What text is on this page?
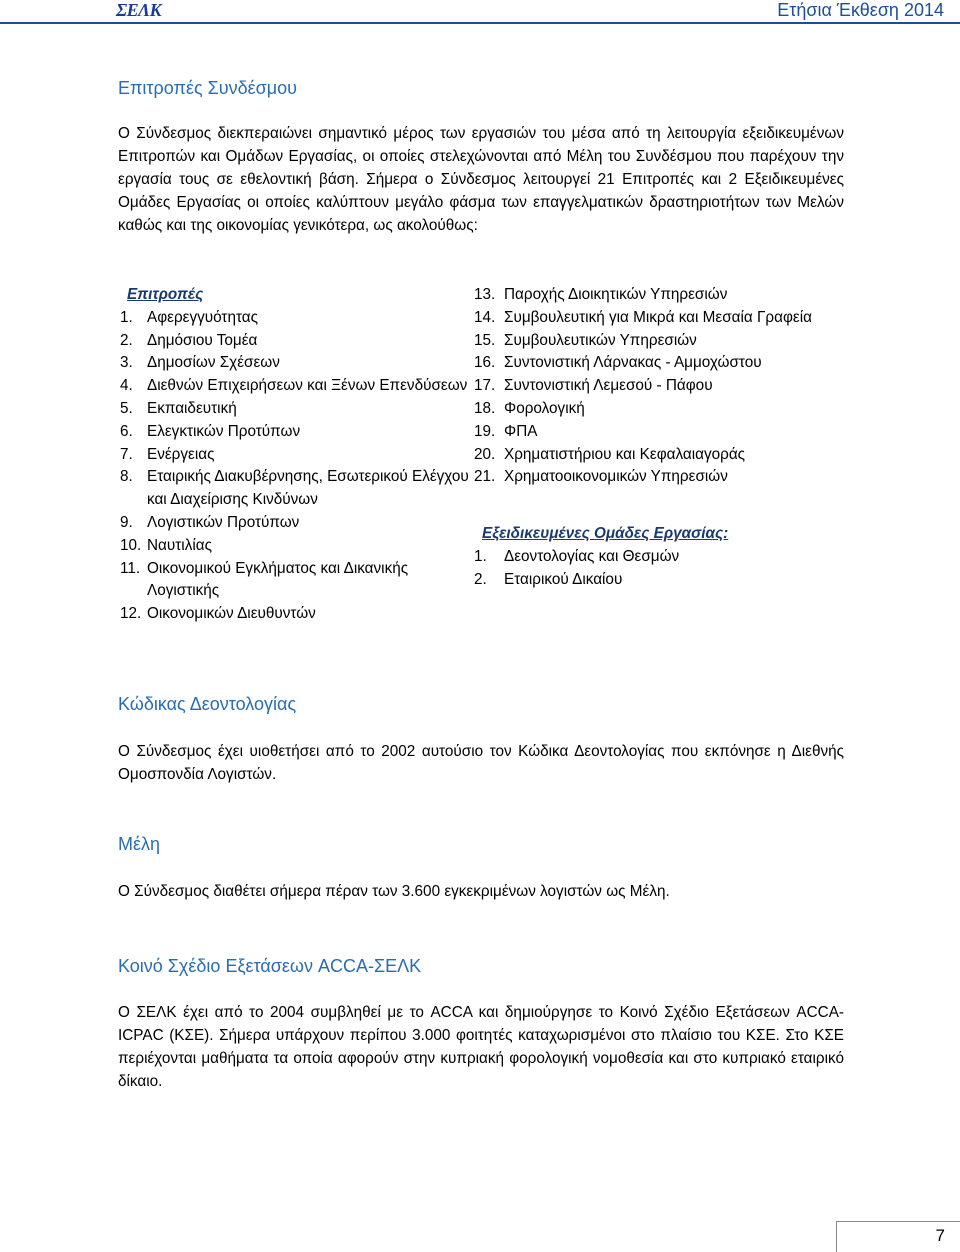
ΣΕΛΚ	Ετήσια Έκθεση 2014
Επιτροπές Συνδέσμου
Ο Σύνδεσμος διεκπεραιώνει σημαντικό μέρος των εργασιών του μέσα από τη λειτουργία εξειδικευμένων Επιτροπών και Ομάδων Εργασίας, οι οποίες στελεχώνονται από Μέλη του Συνδέσμου που παρέχουν την εργασία τους σε εθελοντική βάση. Σήμερα ο Σύνδεσμος λειτουργεί 21 Επιτροπές και 2 Εξειδικευμένες Ομάδες Εργασίας οι οποίες καλύπτουν μεγάλο φάσμα των επαγγελματικών δραστηριοτήτων των Μελών καθώς και της οικονομίας γενικότερα, ως ακολούθως:
Επιτροπές
1. Αφερεγγυότητας
2. Δημόσιου Τομέα
3. Δημοσίων Σχέσεων
4. Διεθνών Επιχειρήσεων και Ξένων Επενδύσεων
5. Εκπαιδευτική
6. Ελεγκτικών Προτύπων
7. Ενέργειας
8. Εταιρικής Διακυβέρνησης, Εσωτερικού Ελέγχου και Διαχείρισης Κινδύνων
9. Λογιστικών Προτύπων
10. Ναυτιλίας
11. Οικονομικού Εγκλήματος και Δικανικής Λογιστικής
12. Οικονομικών Διευθυντών
13. Παροχής Διοικητικών Υπηρεσιών
14. Συμβουλευτική για Μικρά και Μεσαία Γραφεία
15. Συμβουλευτικών Υπηρεσιών
16. Συντονιστική Λάρνακας - Αμμοχώστου
17. Συντονιστική Λεμεσού - Πάφου
18. Φορολογική
19. ΦΠΑ
20. Χρηματιστήριου και Κεφαλαιαγοράς
21. Χρηματοοικονομικών Υπηρεσιών
Εξειδικευμένες Ομάδες Εργασίας:
1.	Δεοντολογίας και Θεσμών
2.	Εταιρικού Δικαίου
Κώδικας Δεοντολογίας
Ο Σύνδεσμος έχει υιοθετήσει από το 2002 αυτούσιο τον Κώδικα Δεοντολογίας που εκπόνησε η Διεθνής Ομοσπονδία Λογιστών.
Μέλη
Ο Σύνδεσμος διαθέτει σήμερα πέραν των 3.600 εγκεκριμένων λογιστών ως Μέλη.
Κοινό Σχέδιο Εξετάσεων ACCA-ΣΕΛΚ
Ο ΣΕΛΚ έχει από το 2004 συμβληθεί με το ACCA και δημιούργησε το Κοινό Σχέδιο Εξετάσεων ACCA-ICPAC (ΚΣΕ). Σήμερα υπάρχουν περίπου 3.000 φοιτητές καταχωρισμένοι στο πλαίσιο του ΚΣΕ. Στο ΚΣΕ περιέχονται μαθήματα τα οποία αφορούν στην κυπριακή φορολογική νομοθεσία και στο κυπριακό εταιρικό δίκαιο.
7
